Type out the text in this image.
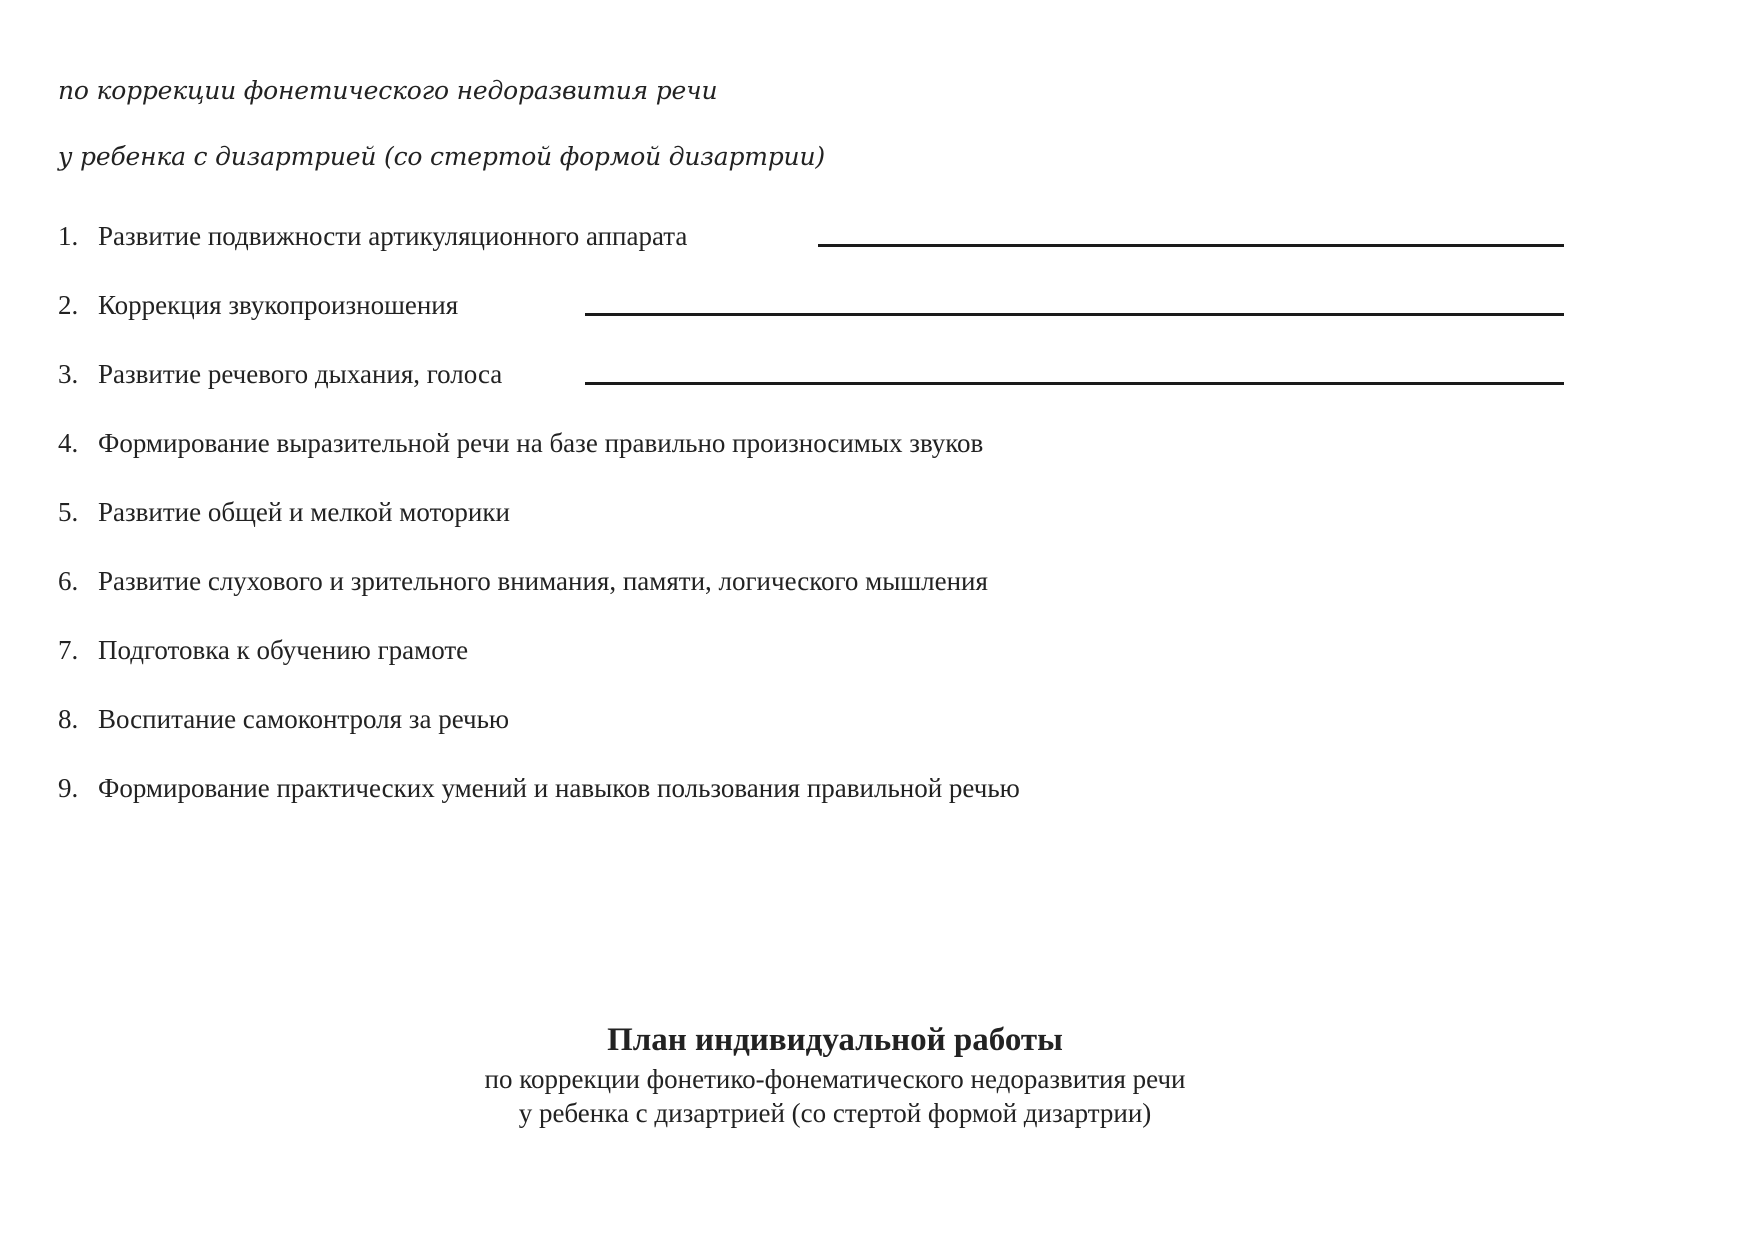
по коррекции фонетического недоразвития речи
у ребенка с дизартрией (со стертой формой дизартрии)
1. Развитие подвижности артикуляционного аппарата
2. Коррекция звукопроизношения
3. Развитие речевого дыхания, голоса
4. Формирование выразительной речи на базе правильно произносимых звуков
5. Развитие общей и мелкой моторики
6. Развитие слухового и зрительного внимания, памяти, логического мышления
7. Подготовка к обучению грамоте
8. Воспитание самоконтроля за речью
9. Формирование практических умений и навыков пользования правильной речью
План индивидуальной работы
по коррекции фонетико-фонематического недоразвития речи
у ребенка с дизартрией (со стертой формой дизартрии)
